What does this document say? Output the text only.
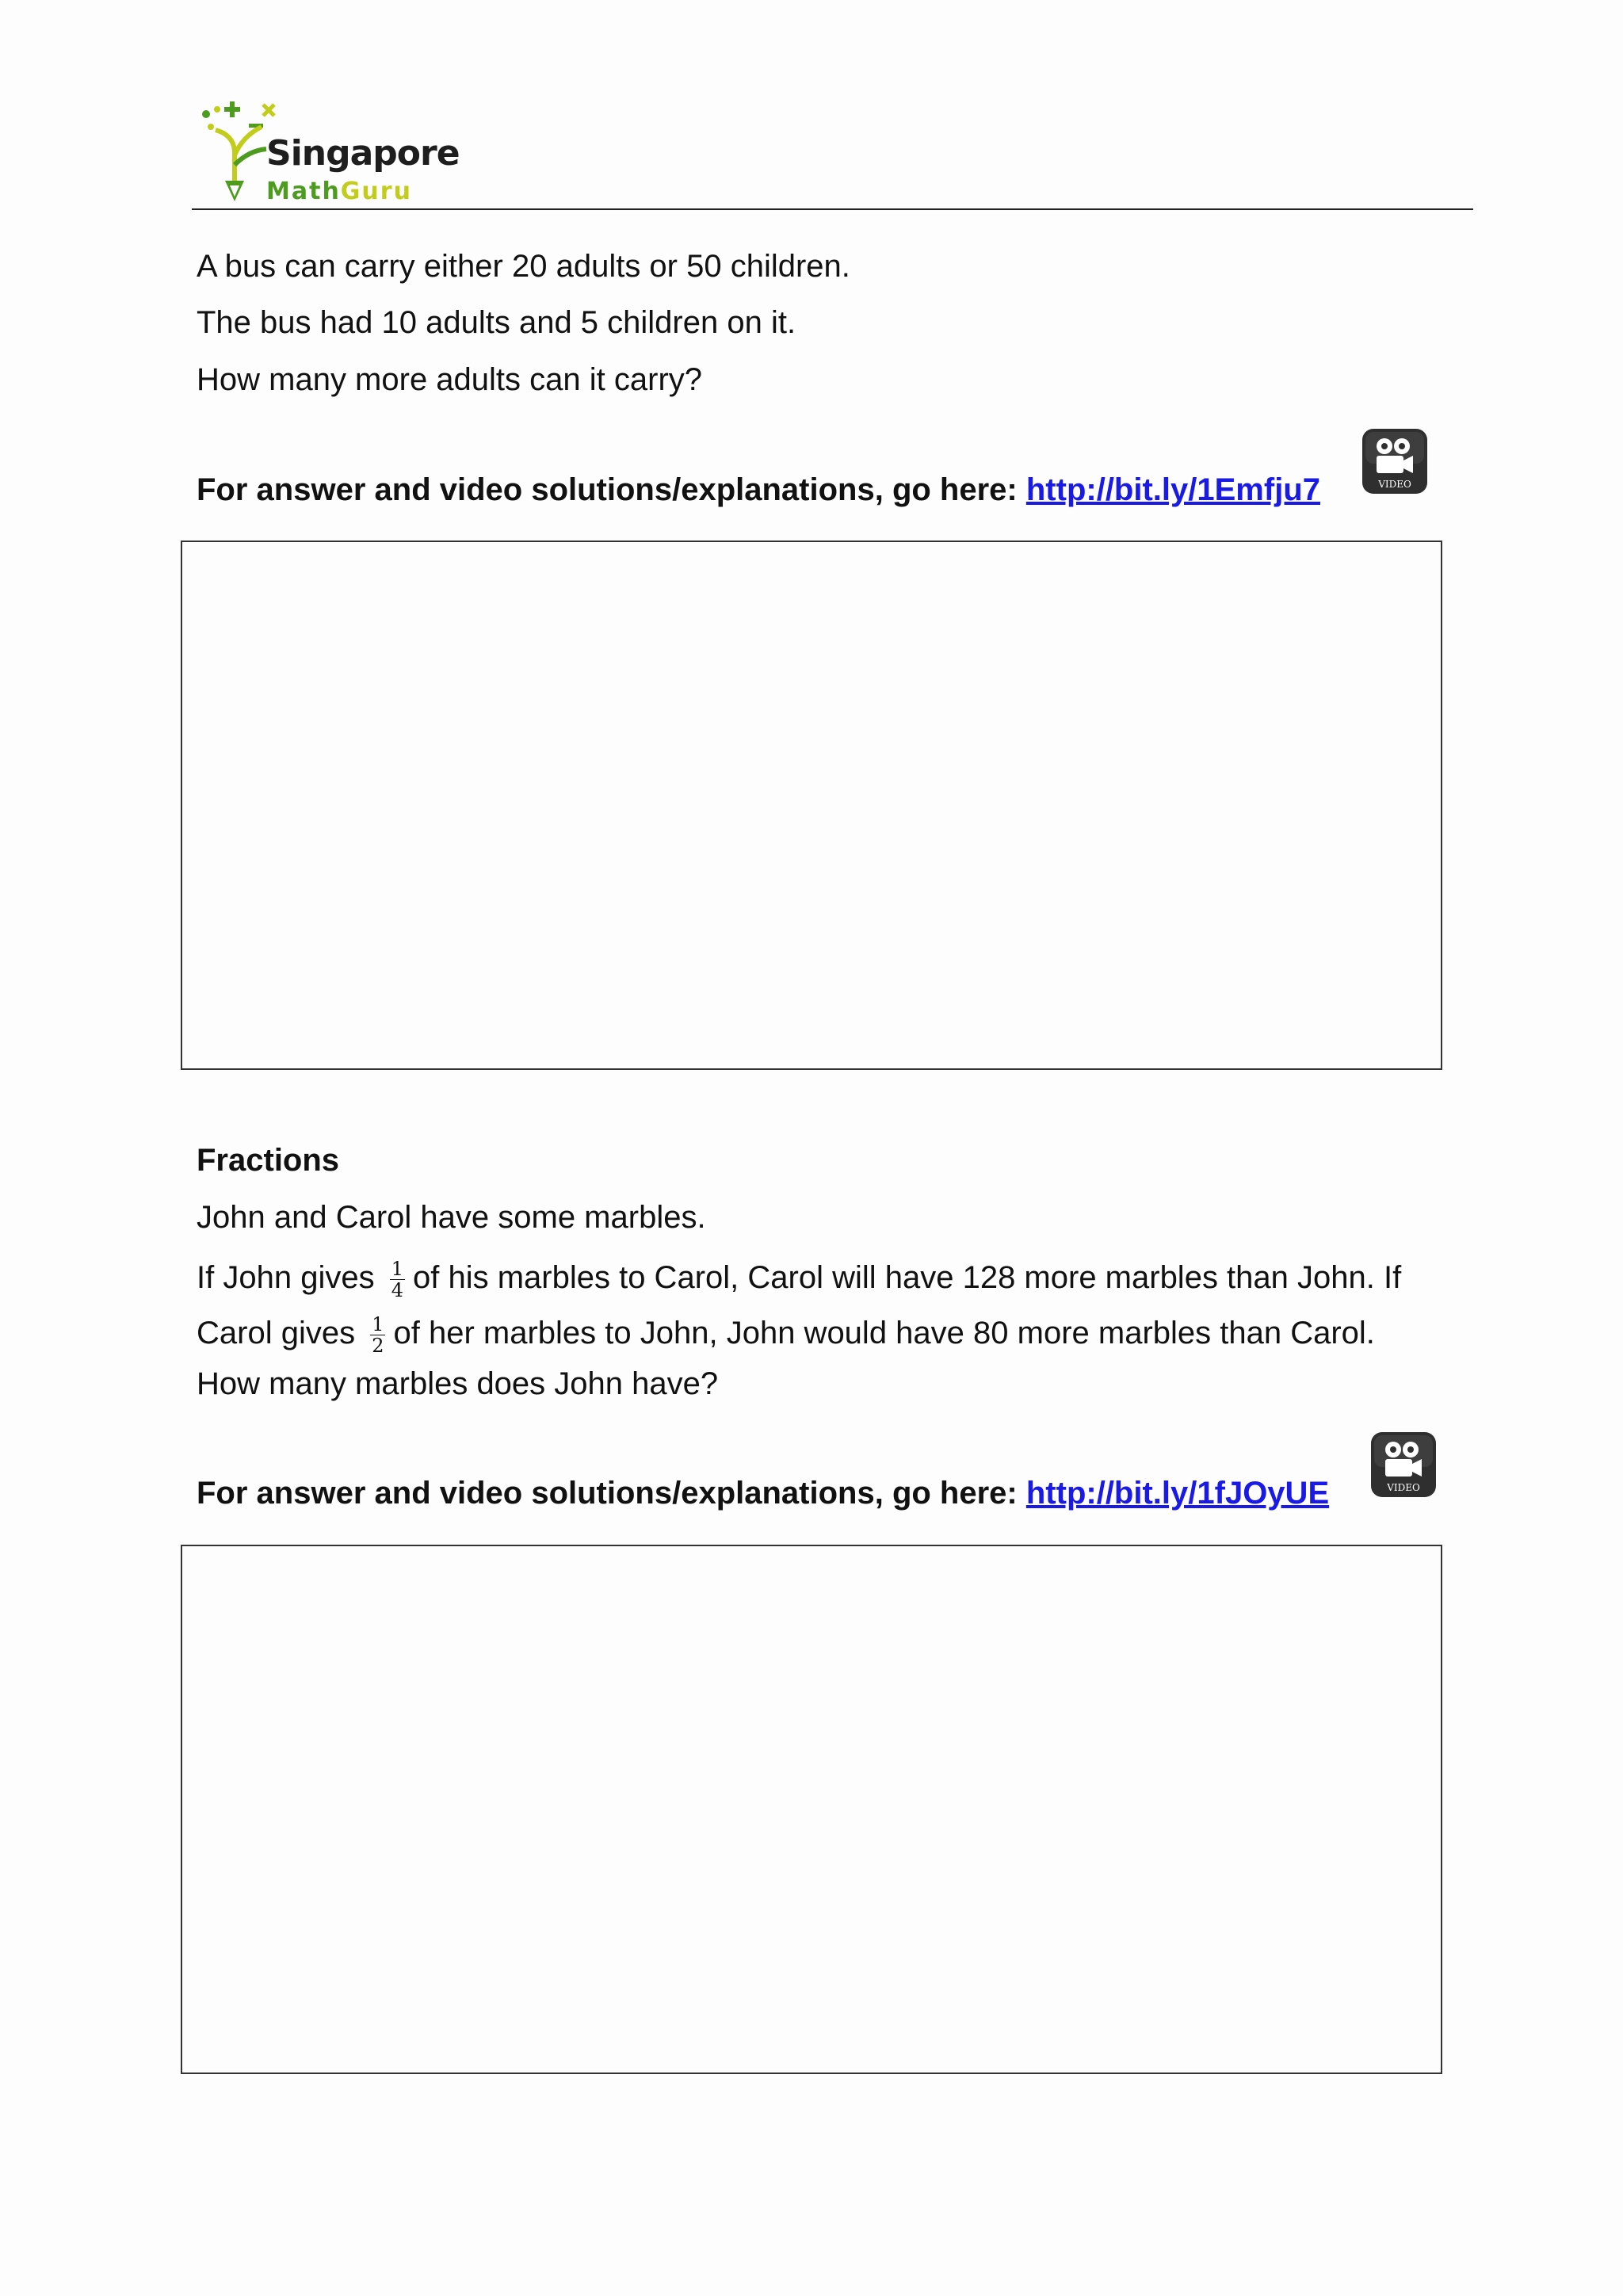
Singapore
MathGuru
A bus can carry either 20 adults or 50 children.
The bus had 10 adults and 5 children on it.
How many more adults can it carry?
For answer and video solutions/explanations, go here: http://bit.ly/1Emfju7	VIDEO
Fractions
John and Carol have some marbles.
If John gives $\frac{1}{4}$ of his marbles to Carol, Carol will have 128 more marbles than John. If
Carol gives $\frac{1}{2}$ of her marbles to John, John would have 80 more marbles than Carol.
How many marbles does John have?
For answer and video solutions/explanations, go here: http://bit.ly/1fJOyUE	VIDEO
